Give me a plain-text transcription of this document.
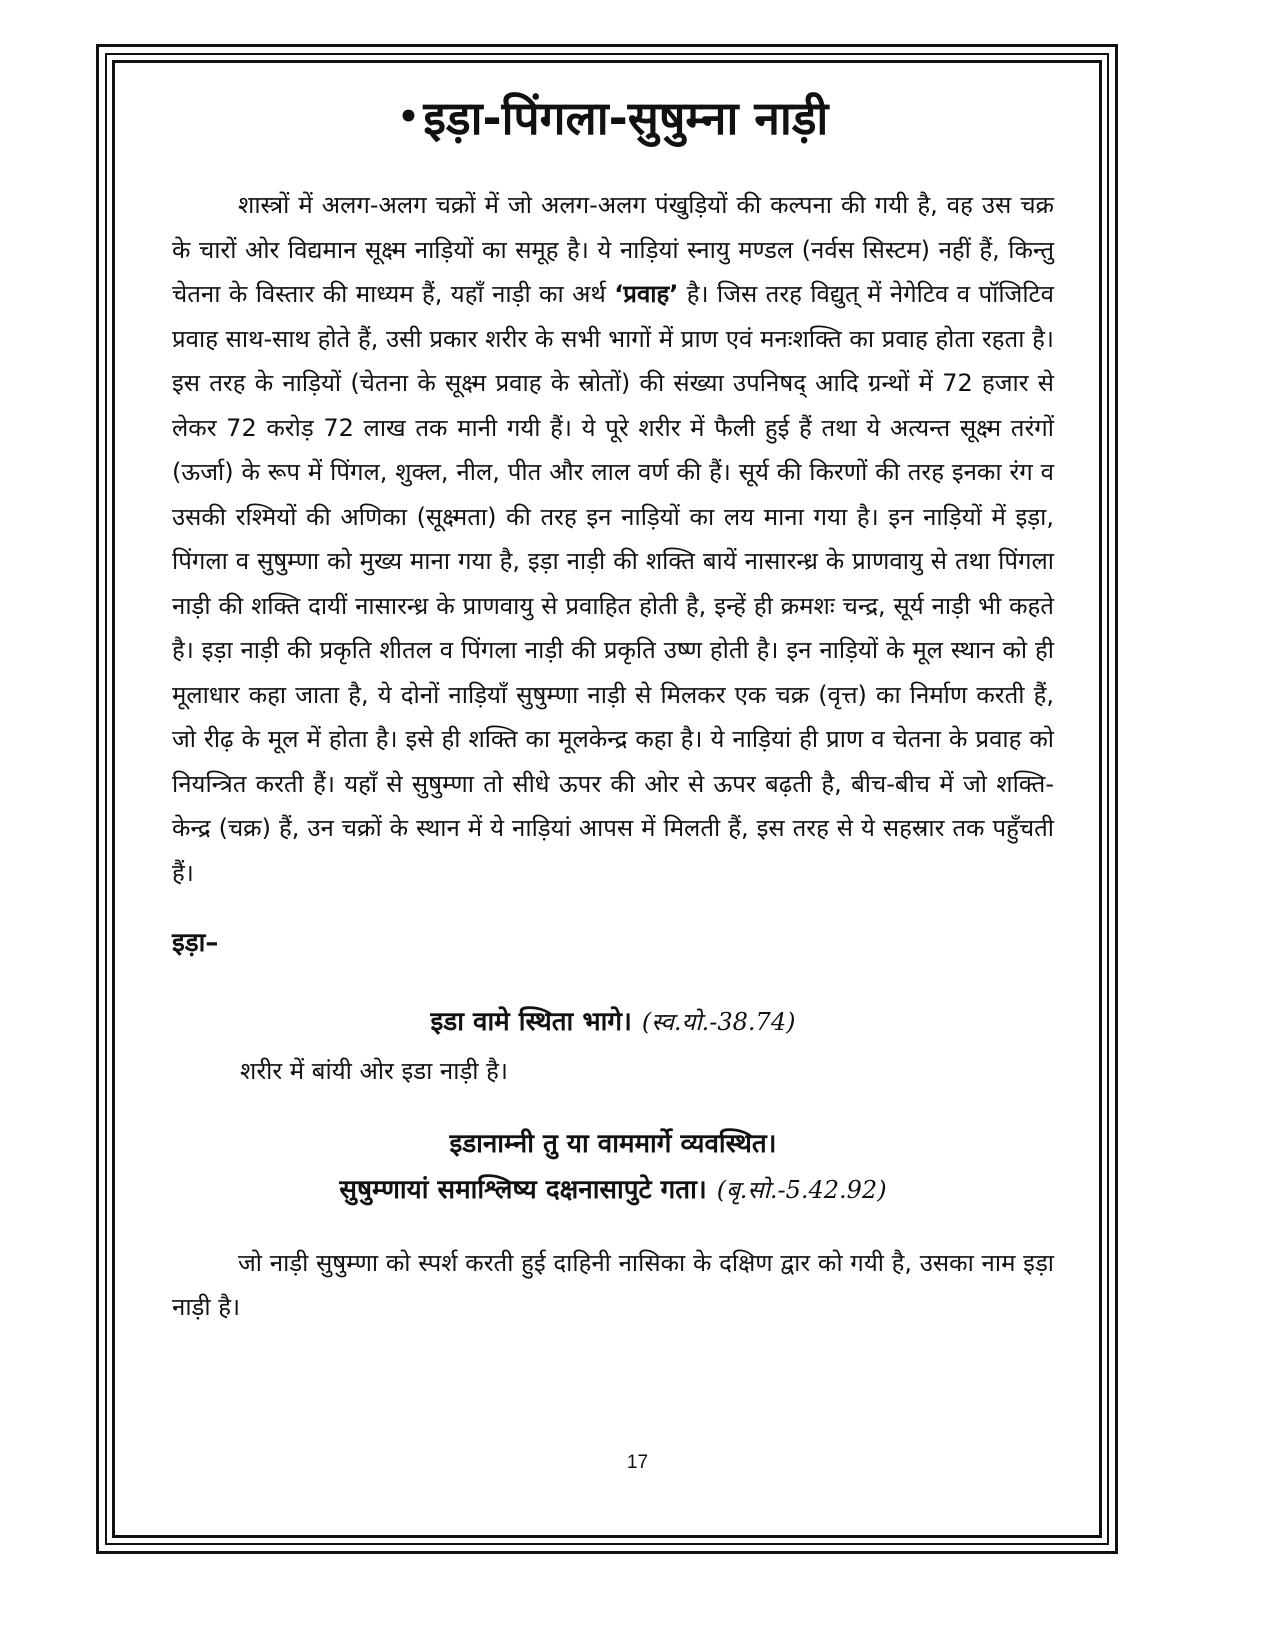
•इड़ा-पिंगला-सुषुम्ना नाड़ी

शास्त्रों में अलग-अलग चक्रों में जो अलग-अलग पंखुड़ियों की कल्पना की गयी है, वह उस चक्र के चारों ओर विद्यमान सूक्ष्म नाड़ियों का समूह है। ये नाड़ियां स्नायु मण्डल (नर्वस सिस्टम) नहीं हैं, किन्तु चेतना के विस्तार की माध्यम हैं, यहाँ नाड़ी का अर्थ ‘प्रवाह’ है। जिस तरह विद्युत् में नेगेटिव व पॉजिटिव प्रवाह साथ-साथ होते हैं, उसी प्रकार शरीर के सभी भागों में प्राण एवं मनःशक्ति का प्रवाह होता रहता है। इस तरह के नाड़ियों (चेतना के सूक्ष्म प्रवाह के स्रोतों) की संख्या उपनिषद् आदि ग्रन्थों में 72 हजार से लेकर 72 करोड़ 72 लाख तक मानी गयी हैं। ये पूरे शरीर में फैली हुई हैं तथा ये अत्यन्त सूक्ष्म तरंगों (ऊर्जा) के रूप में पिंगल, शुक्ल, नील, पीत और लाल वर्ण की हैं। सूर्य की किरणों की तरह इनका रंग व उसकी रश्मियों की अणिका (सूक्ष्मता) की तरह इन नाड़ियों का लय माना गया है। इन नाड़ियों में इड़ा, पिंगला व सुषुम्णा को मुख्य माना गया है, इड़ा नाड़ी की शक्ति बायें नासारन्ध्र के प्राणवायु से तथा पिंगला नाड़ी की शक्ति दायीं नासारन्ध्र के प्राणवायु से प्रवाहित होती है, इन्हें ही क्रमशः चन्द्र, सूर्य नाड़ी भी कहते है। इड़ा नाड़ी की प्रकृति शीतल व पिंगला नाड़ी की प्रकृति उष्ण होती है। इन नाड़ियों के मूल स्थान को ही मूलाधार कहा जाता है, ये दोनों नाड़ियाँ सुषुम्णा नाड़ी से मिलकर एक चक्र (वृत्त) का निर्माण करती हैं, जो रीढ़ के मूल में होता है। इसे ही शक्ति का मूलकेन्द्र कहा है। ये नाड़ियां ही प्राण व चेतना के प्रवाह को नियन्त्रित करती हैं। यहाँ से सुषुम्णा तो सीधे ऊपर की ओर से ऊपर बढ़ती है, बीच-बीच में जो शक्ति-केन्द्र (चक्र) हैं, उन चक्रों के स्थान में ये नाड़ियां आपस में मिलती हैं, इस तरह से ये सहस्रार तक पहुँचती हैं।

इड़ा–

इडा वामे स्थिता भागे। (स्व.यो.-38.74)

शरीर में बांयी ओर इडा नाड़ी है।

इडानाम्नी तु या वाममार्गे व्यवस्थित।

सुषुम्णायां समाश्लिष्य दक्षनासापुटे गता। (बृ.सो.-5.42.92)

जो नाड़ी सुषुम्णा को स्पर्श करती हुई दाहिनी नासिका के दक्षिण द्वार को गयी है, उसका नाम इड़ा नाड़ी है।

17
